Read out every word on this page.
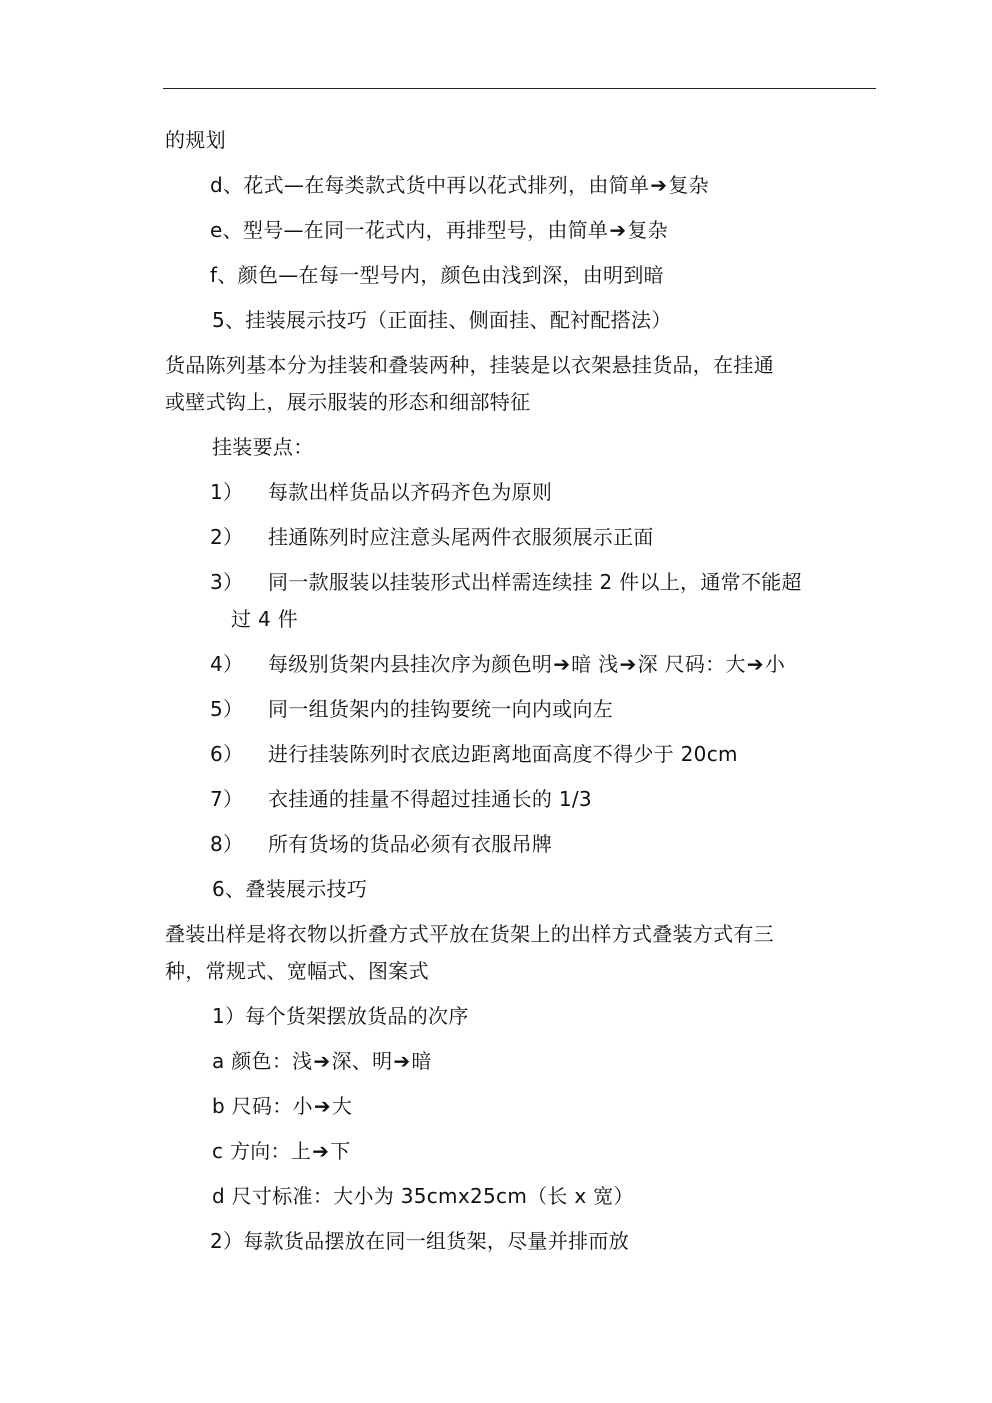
的规划
d、花式—在每类款式货中再以花式排列，由简单➔复杂
e、型号—在同一花式内，再排型号，由简单➔复杂
f、颜色—在每一型号内，颜色由浅到深，由明到暗
5、挂装展示技巧（正面挂、侧面挂、配衬配搭法）
货品陈列基本分为挂装和叠装两种，挂装是以衣架悬挂货品，在挂通
或壁式钩上，展示服装的形态和细部特征
挂装要点：
1） 每款出样货品以齐码齐色为原则
2） 挂通陈列时应注意头尾两件衣服须展示正面
3） 同一款服装以挂装形式出样需连续挂 2 件以上，通常不能超
过 4 件
4） 每级别货架内县挂次序为颜色明➔暗 浅➔深 尺码：大➔小
5） 同一组货架内的挂钩要统一向内或向左
6） 进行挂装陈列时衣底边距离地面高度不得少于 20cm
7） 衣挂通的挂量不得超过挂通长的 1/3
8） 所有货场的货品必须有衣服吊牌
6、叠装展示技巧
叠装出样是将衣物以折叠方式平放在货架上的出样方式叠装方式有三
种，常规式、宽幅式、图案式
1）每个货架摆放货品的次序
a 颜色：浅➔深、明➔暗
b 尺码：小➔大
c 方向：上➔下
d 尺寸标准：大小为 35cmx25cm（长 x 宽）
2）每款货品摆放在同一组货架，尽量并排而放
